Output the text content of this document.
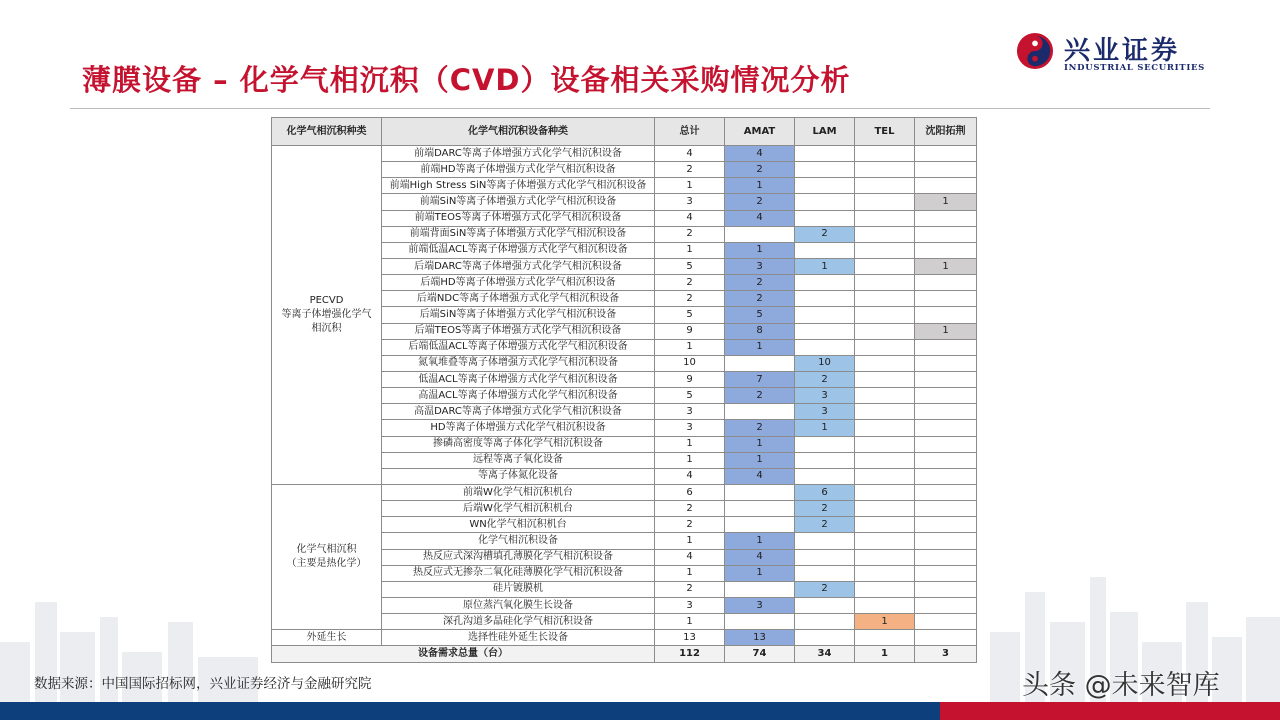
薄膜设备 – 化学气相沉积（CVD）设备相关采购情况分析
兴业证券
INDUSTRIAL SECURITIES
化学气相沉积种类	化学气相沉积设备种类	总计	AMAT	LAM	TEL	沈阳拓荆
PECVD
等离子体增强化学气
相沉积	前端DARC等离子体增强方式化学气相沉积设备	4	4			
	前端HD等离子体增强方式化学气相沉积设备	2	2			
	前端High Stress SiN等离子体增强方式化学气相沉积设备	1	1			
	前端SiN等离子体增强方式化学气相沉积设备	3	2			1
	前端TEOS等离子体增强方式化学气相沉积设备	4	4			
	前端背面SiN等离子体增强方式化学气相沉积设备	2		2		
	前端低温ACL等离子体增强方式化学气相沉积设备	1	1			
	后端DARC等离子体增强方式化学气相沉积设备	5	3	1		1
	后端HD等离子体增强方式化学气相沉积设备	2	2			
	后端NDC等离子体增强方式化学气相沉积设备	2	2			
	后端SiN等离子体增强方式化学气相沉积设备	5	5			
	后端TEOS等离子体增强方式化学气相沉积设备	9	8			1
	后端低温ACL等离子体增强方式化学气相沉积设备	1	1			
	氮氧堆叠等离子体增强方式化学气相沉积设备	10		10		
	低温ACL等离子体增强方式化学气相沉积设备	9	7	2		
	高温ACL等离子体增强方式化学气相沉积设备	5	2	3		
	高温DARC等离子体增强方式化学气相沉积设备	3		3		
	HD等离子体增强方式化学气相沉积设备	3	2	1		
	掺磷高密度等离子体化学气相沉积设备	1	1			
	远程等离子氧化设备	1	1			
	等离子体氮化设备	4	4			
化学气相沉积
（主要是热化学）	前端W化学气相沉积机台	6		6		
	后端W化学气相沉积机台	2		2		
	WN化学气相沉积机台	2		2		
	化学气相沉积设备	1	1			
	热反应式深沟槽填孔薄膜化学气相沉积设备	4	4			
	热反应式无掺杂二氧化硅薄膜化学气相沉积设备	1	1			
	硅片镀膜机	2		2		
	原位蒸汽氧化膜生长设备	3	3			
	深孔沟道多晶硅化学气相沉积设备	1			1	
外延生长	选择性硅外延生长设备	13	13			
设备需求总量（台）		112	74	34	1	3
数据来源：中国国际招标网，兴业证券经济与金融研究院	头条 @未来智库
